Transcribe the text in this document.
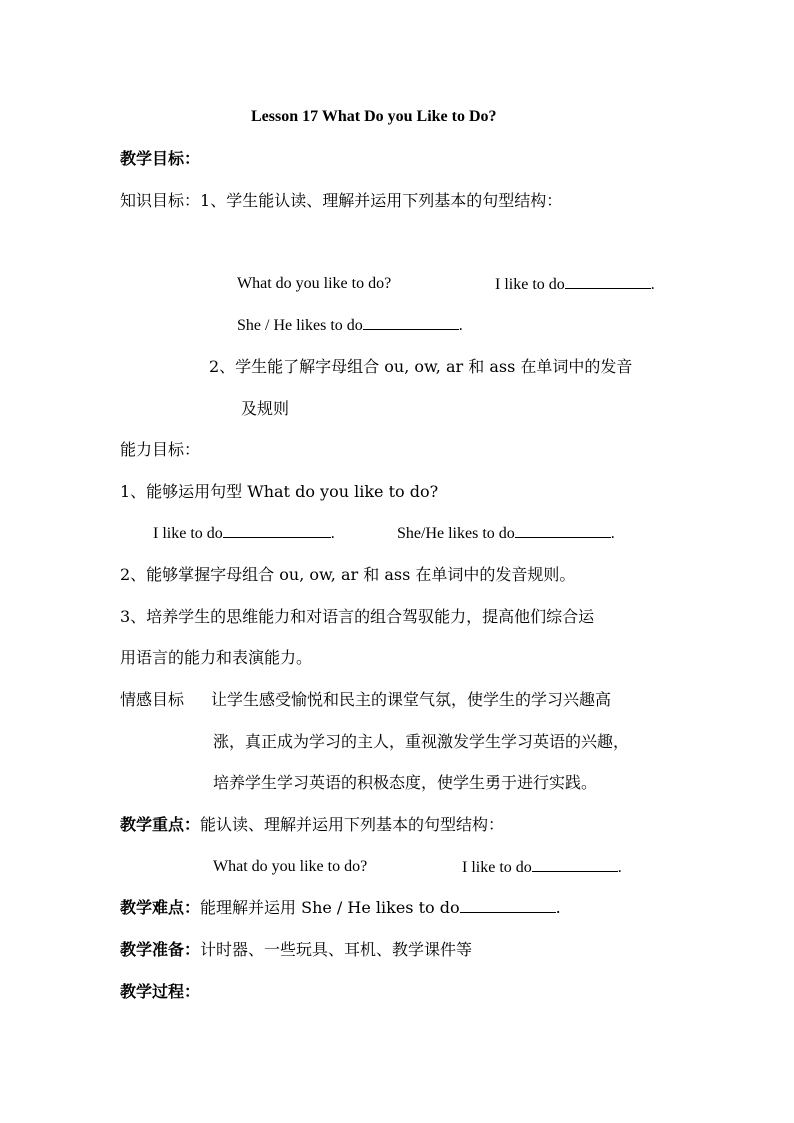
Lesson 17 What Do you Like to Do?
教学目标：
知识目标：1、学生能认读、理解并运用下列基本的句型结构：
What do you like to do?	I like to do	.
She / He likes to do	.
2、学生能了解字母组合 ou, ow, ar 和 ass 在单词中的发音
及规则
能力目标：
1、能够运用句型 What do you like to do?
I like to do	.	She/He likes to do	.
2、能够掌握字母组合 ou, ow, ar 和 ass 在单词中的发音规则。
3、培养学生的思维能力和对语言的组合驾驭能力，提高他们综合运
用语言的能力和表演能力。
情感目标 让学生感受愉悦和民主的课堂气氛，使学生的学习兴趣高
涨，真正成为学习的主人，重视激发学生学习英语的兴趣，
培养学生学习英语的积极态度，使学生勇于进行实践。
教学重点：能认读、理解并运用下列基本的句型结构：
What do you like to do?	I like to do	.
教学难点：能理解并运用 She / He likes to do	.
教学准备：计时器、一些玩具、耳机、教学课件等
教学过程：
